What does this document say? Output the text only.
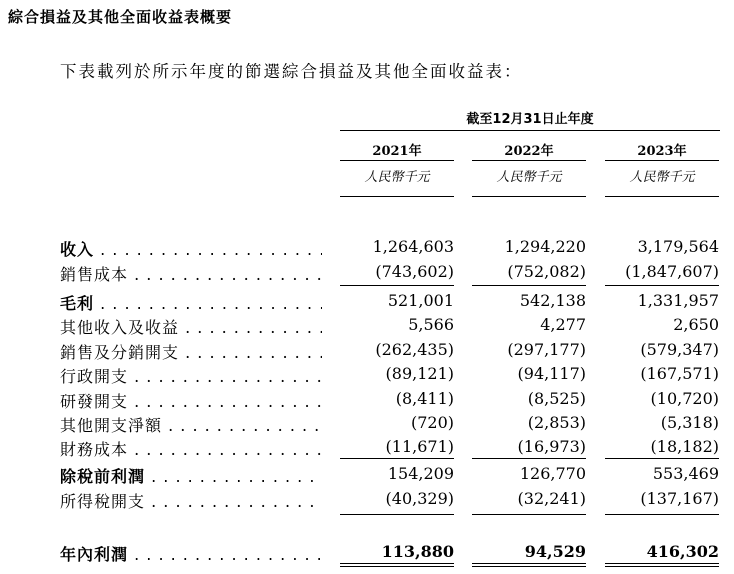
綜合損益及其他全面收益表概要
下表載列於所示年度的節選綜合損益及其他全面收益表：
截至12月31日止年度
2021年	2022年	2023年
人民幣千元	人民幣千元	人民幣千元
收入 . . .	1,264,603	1,294,220	3,179,564
銷售成本 . . .	(743,602)	(752,082)	(1,847,607)
毛利 . . .	521,001	542,138	1,331,957
其他收入及收益 . . .	5,566	4,277	2,650
銷售及分銷開支 . . .	(262,435)	(297,177)	(579,347)
行政開支 . . .	(89,121)	(94,117)	(167,571)
研發開支 . . .	(8,411)	(8,525)	(10,720)
其他開支淨額 . . .	(720)	(2,853)	(5,318)
財務成本 . . .	(11,671)	(16,973)	(18,182)
除稅前利潤 . . .	154,209	126,770	553,469
所得稅開支 . . .	(40,329)	(32,241)	(137,167)
年內利潤 . . .	113,880	94,529	416,302
